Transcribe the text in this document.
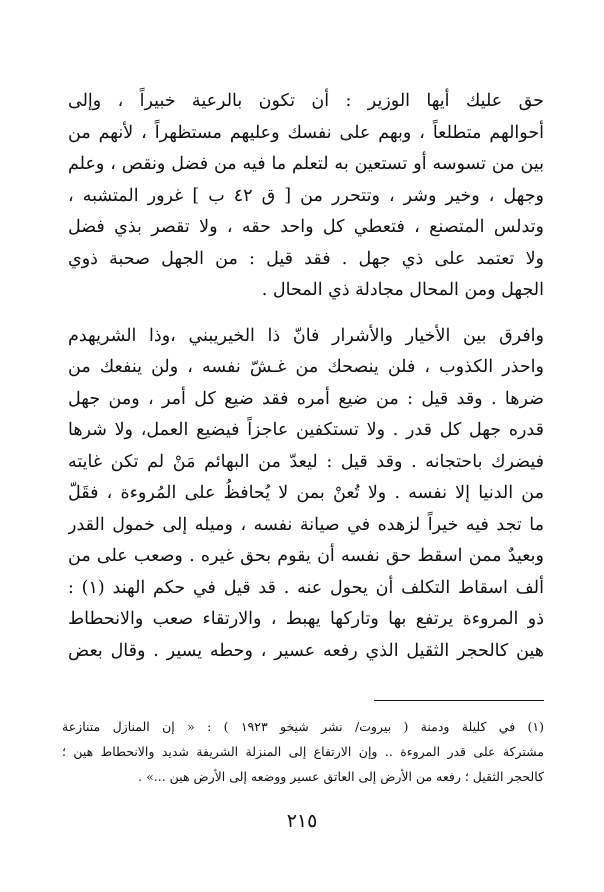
حق عليك أيها الوزير : أن تكون بالرعية خبيراً ، وإلى
أحوالهم متطلعاً ، وبهم على نفسك وعليهم مستظهراً ، لأنهم من
بين من تسوسه أو تستعين به لتعلم ما فيه من فضل ونقص ، وعلم
وجهل ، وخير وشر ، وتتحرر من [ ق ٤٢ ب ] غرور المتشبه ،
وتدلس المتصنع ، فتعطي كل واحد حقه ، ولا تقصر بذي فضل
ولا تعتمد على ذي جهل . فقد قيل : من الجهل صحبة ذوي
الجهل ومن المحال مجادلة ذي المحال .
وافرق بين الأخيار والأشرار فانّ ذا الخيريبني ،وذا الشريهدم
واحذر الكذوب ، فلن ينصحك من غـشّ نفسه ، ولن ينفعك من
ضرها . وقد قيل : من ضيع أمره فقد ضيع كل أمر ، ومن جهل
قدره جهل كل قدر . ولا تستكفين عاجزاً فيضيع العمل، ولا شرها
فيضرك باحتجانه . وقد قيل : ليعدّ من البهائم مَنْ لم تكن غايته
من الدنيا إلا نفسه . ولا تُعنْ بمن لا يُحافظُ على المُروءة ، فقَلّ
ما تجد فيه خيراً لزهده في صيانة نفسه ، وميله إلى خمول القدر
وبعيدٌ ممن اسقط حق نفسه أن يقوم بحق غيره . وصعب على من
ألف اسقاط التكلف أن يحول عنه . قد قيل في حكم الهند (١) :
ذو المروءة يرتفع بها وتاركها يهبط ، والارتقاء صعب والانحطاط
هين كالحجر الثقيل الذي رفعه عسير ، وحطه يسير . وقال بعض
(١) في كليلة ودمنة ( بيروت/ نشر شيخو ١٩٢٣ ) : « إن المنازل متنازعة
مشتركة على قدر المروءة .. وإن الارتفاع إلى المنزلة الشريفة شديد والانحطاط هين ؛
كالحجر الثقيل ؛ رفعه من الأرض إلى العاتق عسير ووضعه إلى الأرض هين ...» .
٢١٥
